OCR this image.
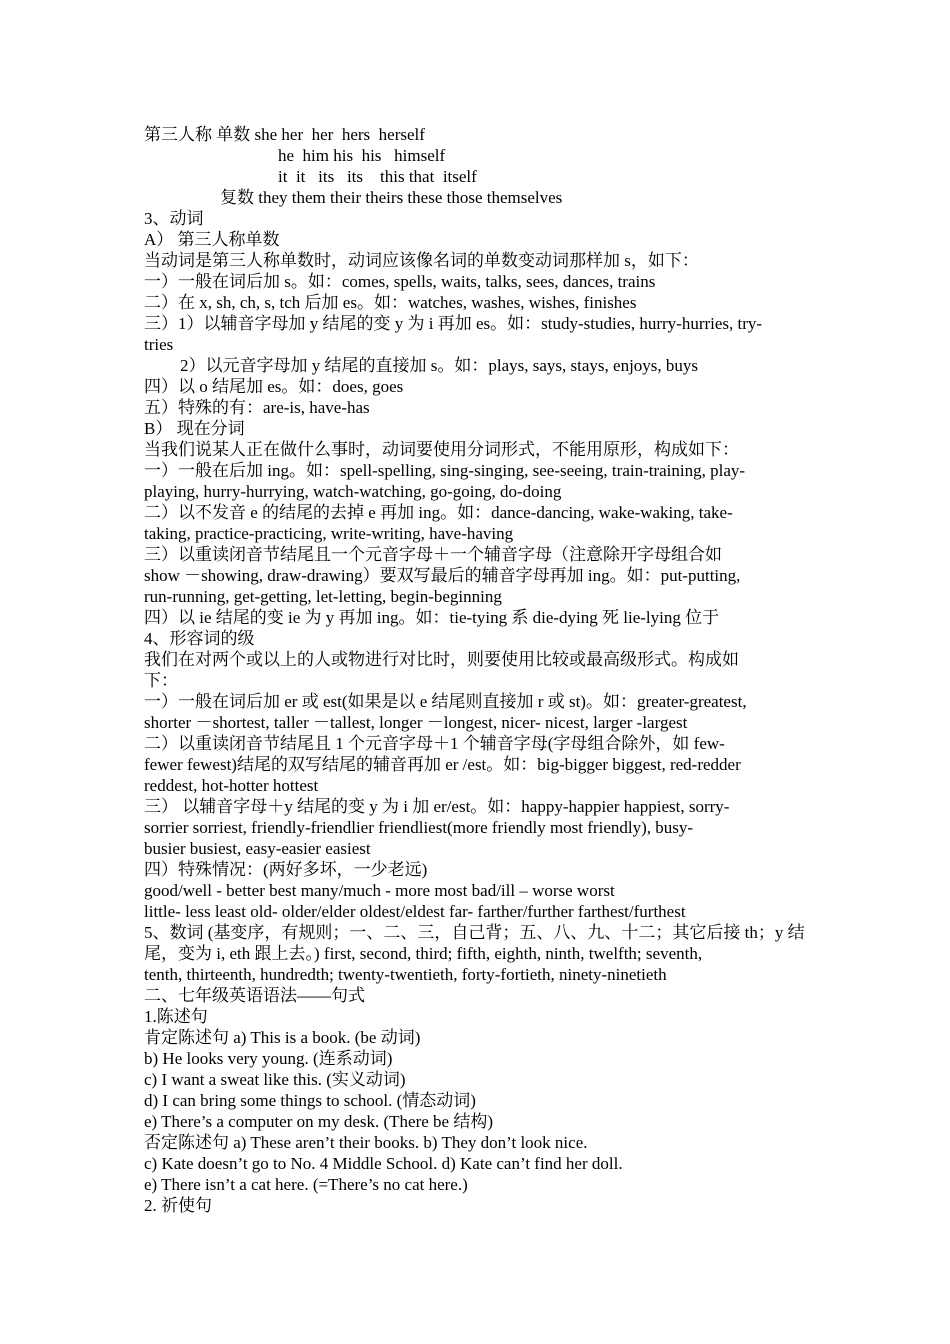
第三人称 单数 she her  her  hers  herself
he  him his  his   himself
it  it   its   its    this that  itself
复数 they them their theirs these those themselves
3、动词
A） 第三人称单数
当动词是第三人称单数时，动词应该像名词的单数变动词那样加 s，如下：
一）一般在词后加 s。如：comes, spells, waits, talks, sees, dances, trains
二）在 x, sh, ch, s, tch 后加 es。如：watches, washes, wishes, finishes
三）1）以辅音字母加 y 结尾的变 y 为 i 再加 es。如：study-studies, hurry-hurries, try-
tries
2）以元音字母加 y 结尾的直接加 s。如：plays, says, stays, enjoys, buys
四）以 o 结尾加 es。如：does, goes
五）特殊的有：are-is, have-has
B） 现在分词
当我们说某人正在做什么事时，动词要使用分词形式，不能用原形，构成如下：
一）一般在后加 ing。如：spell-spelling, sing-singing, see-seeing, train-training, play-
playing, hurry-hurrying, watch-watching, go-going, do-doing
二）以不发音 e 的结尾的去掉 e 再加 ing。如：dance-dancing, wake-waking, take-
taking, practice-practicing, write-writing, have-having
三）以重读闭音节结尾且一个元音字母＋一个辅音字母（注意除开字母组合如
show －showing, draw-drawing）要双写最后的辅音字母再加 ing。如：put-putting,
run-running, get-getting, let-letting, begin-beginning
四）以 ie 结尾的变 ie 为 y 再加 ing。如：tie-tying 系 die-dying 死 lie-lying 位于
4、形容词的级
我们在对两个或以上的人或物进行对比时，则要使用比较或最高级形式。构成如
下：
一）一般在词后加 er 或 est(如果是以 e 结尾则直接加 r 或 st)。如：greater-greatest,
shorter －shortest, taller －tallest, longer －longest, nicer- nicest, larger -largest
二）以重读闭音节结尾且 1 个元音字母＋1 个辅音字母(字母组合除外，如 few-
fewer fewest)结尾的双写结尾的辅音再加 er /est。如：big-bigger biggest, red-redder
reddest, hot-hotter hottest
三） 以辅音字母＋y 结尾的变 y 为 i 加 er/est。如：happy-happier happiest, sorry-
sorrier sorriest, friendly-friendlier friendliest(more friendly most friendly), busy-
busier busiest, easy-easier easiest
四）特殊情况：(两好多坏，一少老远)
good/well - better best many/much - more most bad/ill – worse worst
little- less least old- older/elder oldest/eldest far- farther/further farthest/furthest
5、数词 (基变序，有规则；一、二、三，自己背；五、八、九、十二；其它后接 th；y 结
尾，变为 i, eth 跟上去。) first, second, third; fifth, eighth, ninth, twelfth; seventh,
tenth, thirteenth, hundredth; twenty-twentieth, forty-fortieth, ninety-ninetieth
二、七年级英语语法——句式
1.陈述句
肯定陈述句 a) This is a book. (be 动词)
b) He looks very young. (连系动词)
c) I want a sweat like this. (实义动词)
d) I can bring some things to school. (情态动词)
e) There’s a computer on my desk. (There be 结构)
否定陈述句 a) These aren’t their books. b) They don’t look nice.
c) Kate doesn’t go to No. 4 Middle School. d) Kate can’t find her doll.
e) There isn’t a cat here. (=There’s no cat here.)
2. 祈使句
